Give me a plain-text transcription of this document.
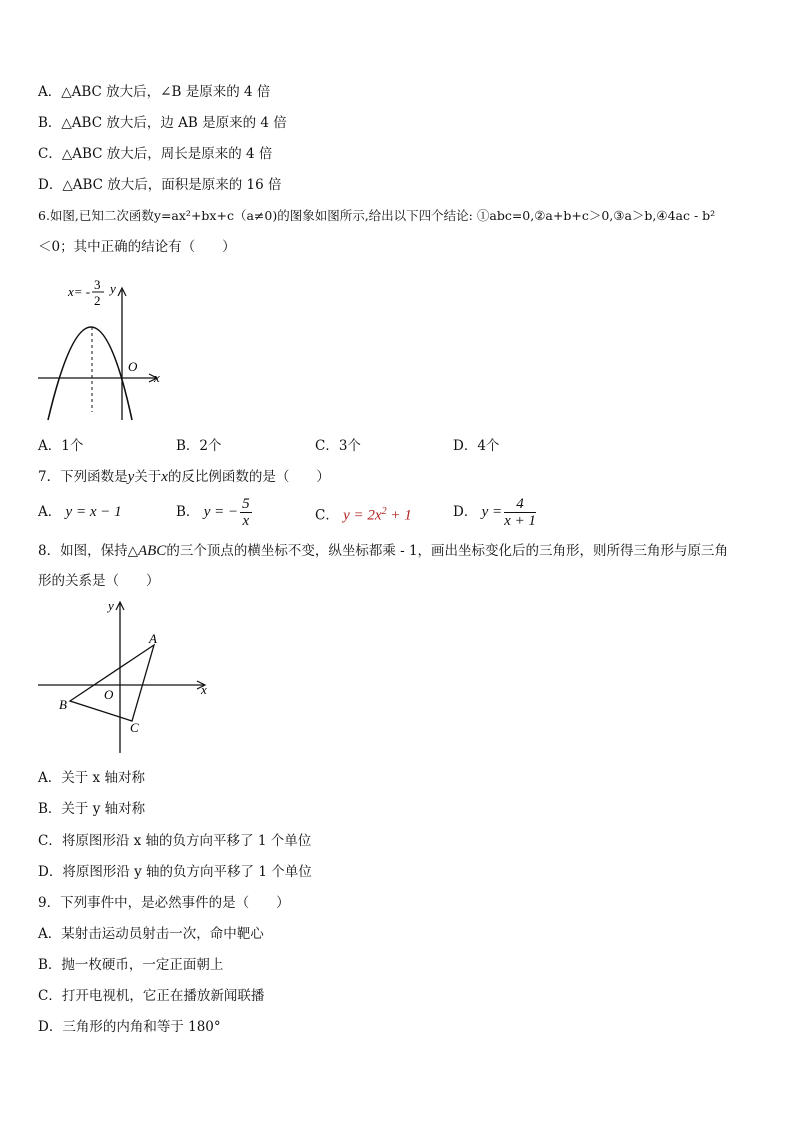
A．△ABC 放大后，∠B 是原来的 4 倍
B．△ABC 放大后，边 AB 是原来的 4 倍
C．△ABC 放大后，周长是原来的 4 倍
D．△ABC 放大后，面积是原来的 16 倍
6.如图,已知二次函数y=ax²+bx+c（a≠0)的图象如图所示,给出以下四个结论: ①abc=0,②a+b+c＞0,③a＞b,④4ac - b²
＜0；其中正确的结论有（　　）
x= - 3
2
y
x
O
A．1个	B．2个	C．3个	D．4个
7．下列函数是y关于x的反比例函数的是（　　）
A． y = x − 1	B． y = − $\frac{5}{x}$	C． $y = 2x^2 + 1$	D． $y = \frac{4}{x + 1}$
8．如图，保持△ABC的三个顶点的横坐标不变，纵坐标都乘 - 1，画出坐标变化后的三角形，则所得三角形与原三角
形的关系是（　　）
y
x
O
A
B
C
A．关于 x 轴对称
B．关于 y 轴对称
C．将原图形沿 x 轴的负方向平移了 1 个单位
D．将原图形沿 y 轴的负方向平移了 1 个单位
9．下列事件中，是必然事件的是（　　）
A．某射击运动员射击一次，命中靶心
B．抛一枚硬币，一定正面朝上
C．打开电视机，它正在播放新闻联播
D．三角形的内角和等于 180°
